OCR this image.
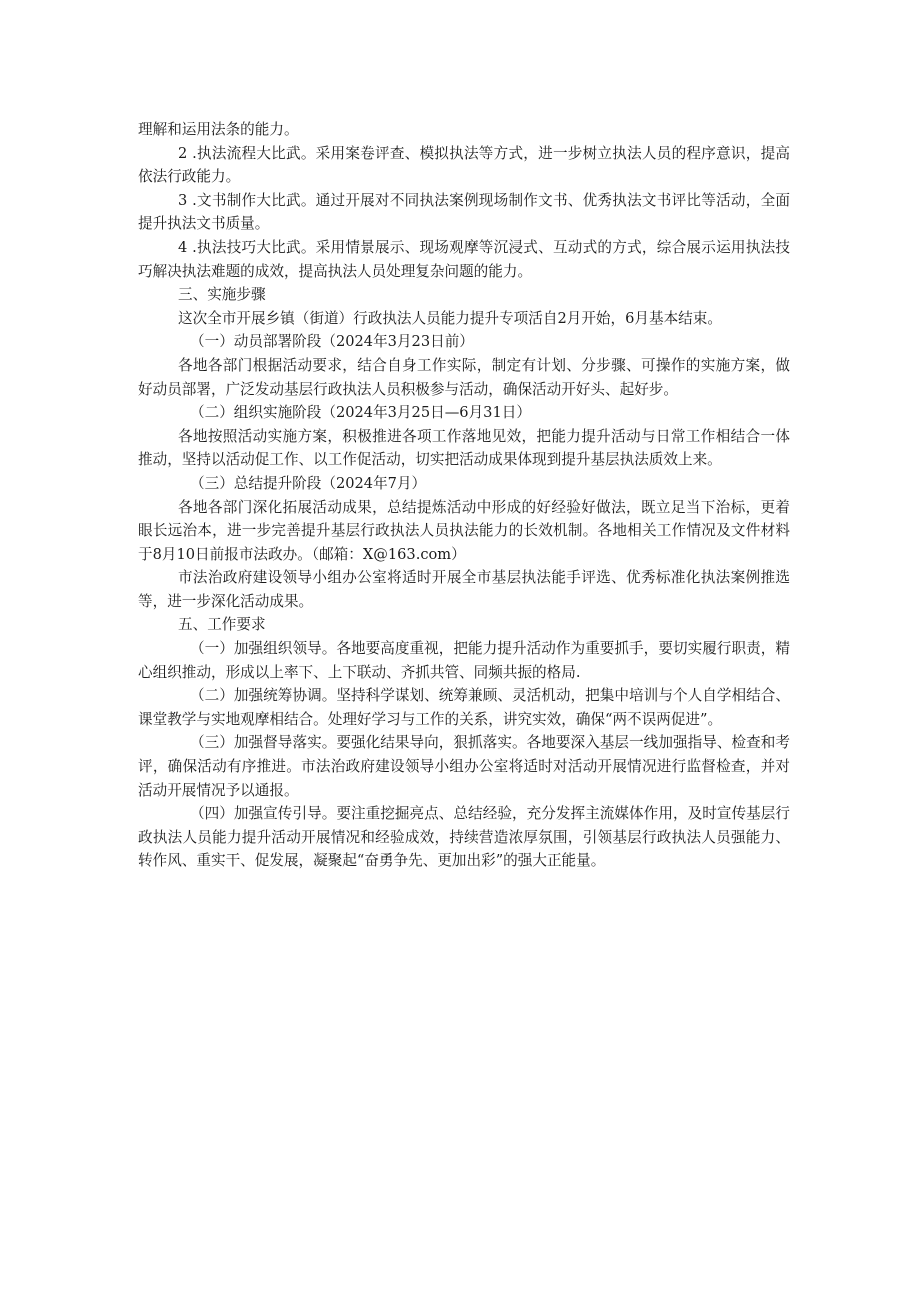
理解和运用法条的能力。

2 .执法流程大比武。采用案卷评查、模拟执法等方式，进一步树立执法人员的程序意识，提高依法行政能力。

3 .文书制作大比武。通过开展对不同执法案例现场制作文书、优秀执法文书评比等活动，全面提升执法文书质量。

4 .执法技巧大比武。采用情景展示、现场观摩等沉浸式、互动式的方式，综合展示运用执法技巧解决执法难题的成效，提高执法人员处理复杂问题的能力。

三、实施步骤

这次全市开展乡镇（街道）行政执法人员能力提升专项活自2月开始，6月基本结束。

（一）动员部署阶段（2024年3月23日前）

各地各部门根据活动要求，结合自身工作实际，制定有计划、分步骤、可操作的实施方案，做好动员部署，广泛发动基层行政执法人员积极参与活动，确保活动开好头、起好步。

（二）组织实施阶段（2024年3月25日—6月31日）

各地按照活动实施方案，积极推进各项工作落地见效，把能力提升活动与日常工作相结合一体推动，坚持以活动促工作、以工作促活动，切实把活动成果体现到提升基层执法质效上来。

（三）总结提升阶段（2024年7月）

各地各部门深化拓展活动成果，总结提炼活动中形成的好经验好做法，既立足当下治标，更着眼长远治本，进一步完善提升基层行政执法人员执法能力的长效机制。各地相关工作情况及文件材料于8月10日前报市法政办。（邮箱：X@163.com）

市法治政府建设领导小组办公室将适时开展全市基层执法能手评选、优秀标准化执法案例推选等，进一步深化活动成果。

五、工作要求

（一）加强组织领导。各地要高度重视，把能力提升活动作为重要抓手，要切实履行职责，精心组织推动，形成以上率下、上下联动、齐抓共管、同频共振的格局.

（二）加强统筹协调。坚持科学谋划、统筹兼顾、灵活机动，把集中培训与个人自学相结合、课堂教学与实地观摩相结合。处理好学习与工作的关系，讲究实效，确保“两不误两促进”。

（三）加强督导落实。要强化结果导向，狠抓落实。各地要深入基层一线加强指导、检查和考评，确保活动有序推进。市法治政府建设领导小组办公室将适时对活动开展情况进行监督检查，并对活动开展情况予以通报。

（四）加强宣传引导。要注重挖掘亮点、总结经验，充分发挥主流媒体作用，及时宣传基层行政执法人员能力提升活动开展情况和经验成效，持续营造浓厚氛围，引领基层行政执法人员强能力、转作风、重实干、促发展，凝聚起“奋勇争先、更加出彩”的强大正能量。
